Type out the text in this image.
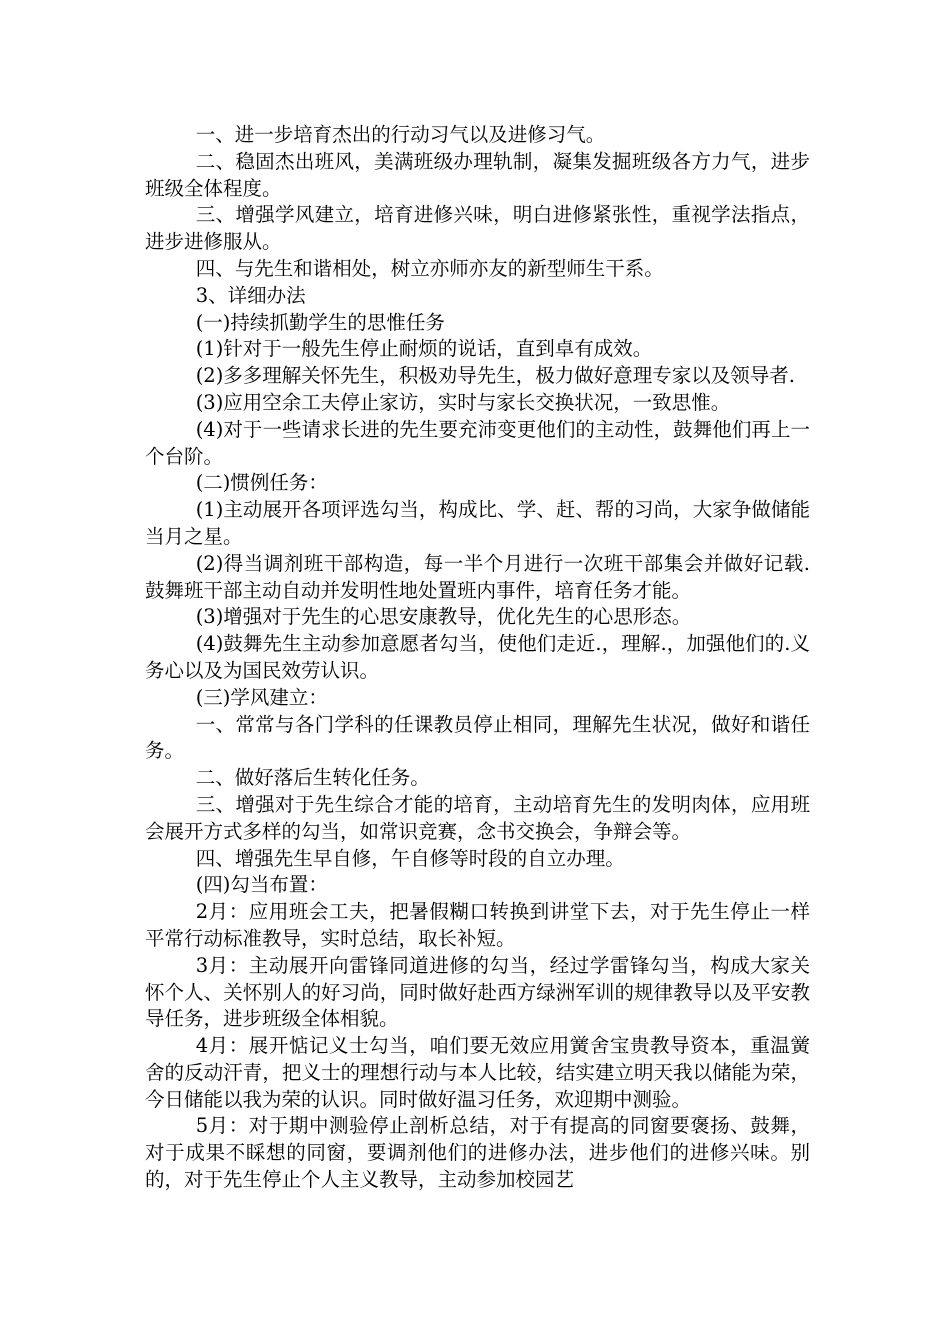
一、进一步培育杰出的行动习气以及进修习气。

二、稳固杰出班风，美满班级办理轨制，凝集发掘班级各方力气，进步班级全体程度。

三、增强学风建立，培育进修兴味，明白进修紧张性，重视学法指点，进步进修服从。

四、与先生和谐相处，树立亦师亦友的新型师生干系。

3、详细办法

(一)持续抓勤学生的思惟任务

(1)针对于一般先生停止耐烦的说话，直到卓有成效。

(2)多多理解关怀先生，积极劝导先生，极力做好意理专家以及领导者.

(3)应用空余工夫停止家访，实时与家长交换状况，一致思惟。

(4)对于一些请求长进的先生要充沛变更他们的主动性，鼓舞他们再上一个台阶。

(二)惯例任务：

(1)主动展开各项评选勾当，构成比、学、赶、帮的习尚，大家争做储能当月之星。

(2)得当调剂班干部构造，每一半个月进行一次班干部集会并做好记载.鼓舞班干部主动自动并发明性地处置班内事件，培育任务才能。

(3)增强对于先生的心思安康教导，优化先生的心思形态。

(4)鼓舞先生主动参加意愿者勾当，使他们走近.，理解.，加强他们的.义务心以及为国民效劳认识。

(三)学风建立：

一、常常与各门学科的任课教员停止相同，理解先生状况，做好和谐任务。

二、做好落后生转化任务。

三、增强对于先生综合才能的培育，主动培育先生的发明肉体，应用班会展开方式多样的勾当，如常识竞赛，念书交换会，争辩会等。

四、增强先生早自修，午自修等时段的自立办理。

(四)勾当布置：

2月：应用班会工夫，把暑假糊口转换到讲堂下去，对于先生停止一样平常行动标准教导，实时总结，取长补短。

3月：主动展开向雷锋同道进修的勾当，经过学雷锋勾当，构成大家关怀个人、关怀别人的好习尚，同时做好赴西方绿洲军训的规律教导以及平安教导任务，进步班级全体相貌。

4月：展开惦记义士勾当，咱们要无效应用黉舍宝贵教导资本，重温黉舍的反动汗青，把义士的理想行动与本人比较，结实建立明天我以储能为荣，今日储能以我为荣的认识。同时做好温习任务，欢迎期中测验。

5月：对于期中测验停止剖析总结，对于有提高的同窗要褒扬、鼓舞，对于成果不睬想的同窗，要调剂他们的进修办法，进步他们的进修兴味。别的，对于先生停止个人主义教导，主动参加校园艺
